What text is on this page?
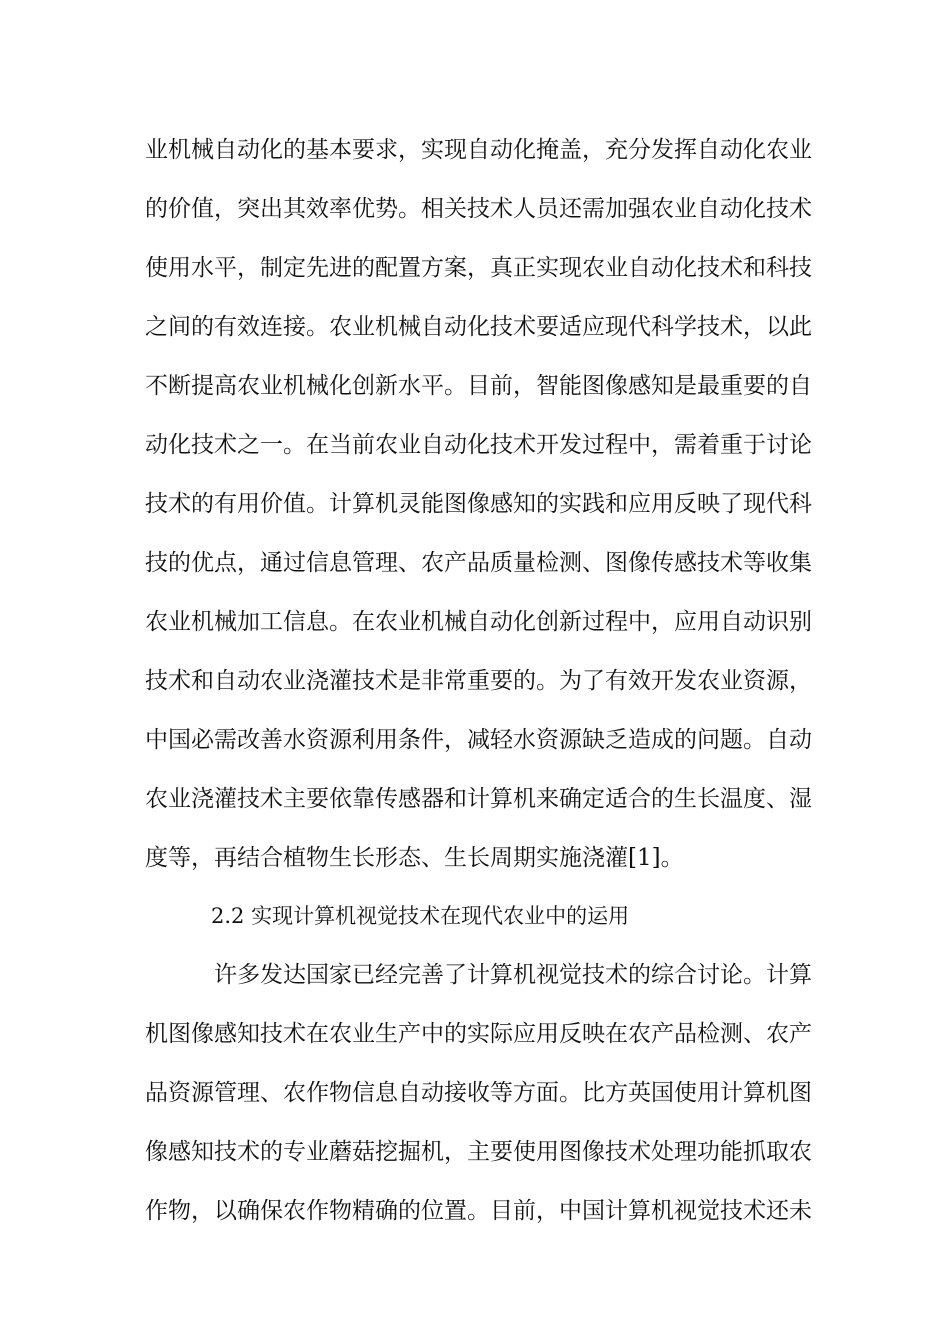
业机械自动化的基本要求，实现自动化掩盖，充分发挥自动化农业
的价值，突出其效率优势。相关技术人员还需加强农业自动化技术
使用水平，制定先进的配置方案，真正实现农业自动化技术和科技
之间的有效连接。农业机械自动化技术要适应现代科学技术，以此
不断提高农业机械化创新水平。目前，智能图像感知是最重要的自
动化技术之一。在当前农业自动化技术开发过程中，需着重于讨论
技术的有用价值。计算机灵能图像感知的实践和应用反映了现代科
技的优点，通过信息管理、农产品质量检测、图像传感技术等收集
农业机械加工信息。在农业机械自动化创新过程中，应用自动识别
技术和自动农业浇灌技术是非常重要的。为了有效开发农业资源，
中国必需改善水资源利用条件，减轻水资源缺乏造成的问题。自动
农业浇灌技术主要依靠传感器和计算机来确定适合的生长温度、湿
度等，再结合植物生长形态、生长周期实施浇灌[1]。
2.2 实现计算机视觉技术在现代农业中的运用
许多发达国家已经完善了计算机视觉技术的综合讨论。计算
机图像感知技术在农业生产中的实际应用反映在农产品检测、农产
品资源管理、农作物信息自动接收等方面。比方英国使用计算机图
像感知技术的专业蘑菇挖掘机，主要使用图像技术处理功能抓取农
作物，以确保农作物精确的位置。目前，中国计算机视觉技术还未
